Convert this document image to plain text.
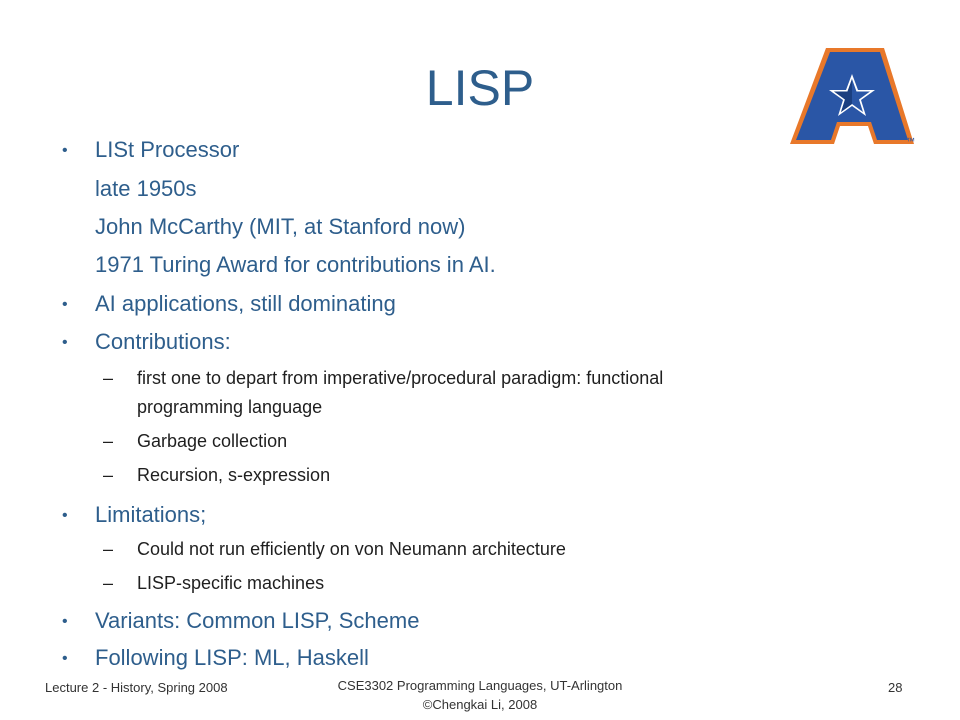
LISP
™
• LISt Processor
late 1950s
John McCarthy (MIT, at Stanford now)
1971 Turing Award for contributions in AI.
• AI applications, still dominating
• Contributions:
– first one to depart from imperative/procedural paradigm: functional
programming language
– Garbage collection
– Recursion, s-expression
• Limitations;
– Could not run efficiently on von Neumann architecture
– LISP-specific machines
• Variants: Common LISP, Scheme
• Following LISP: ML, Haskell
Lecture 2 - History, Spring 2008	CSE3302 Programming Languages, UT-Arlington
©Chengkai Li, 2008
28
